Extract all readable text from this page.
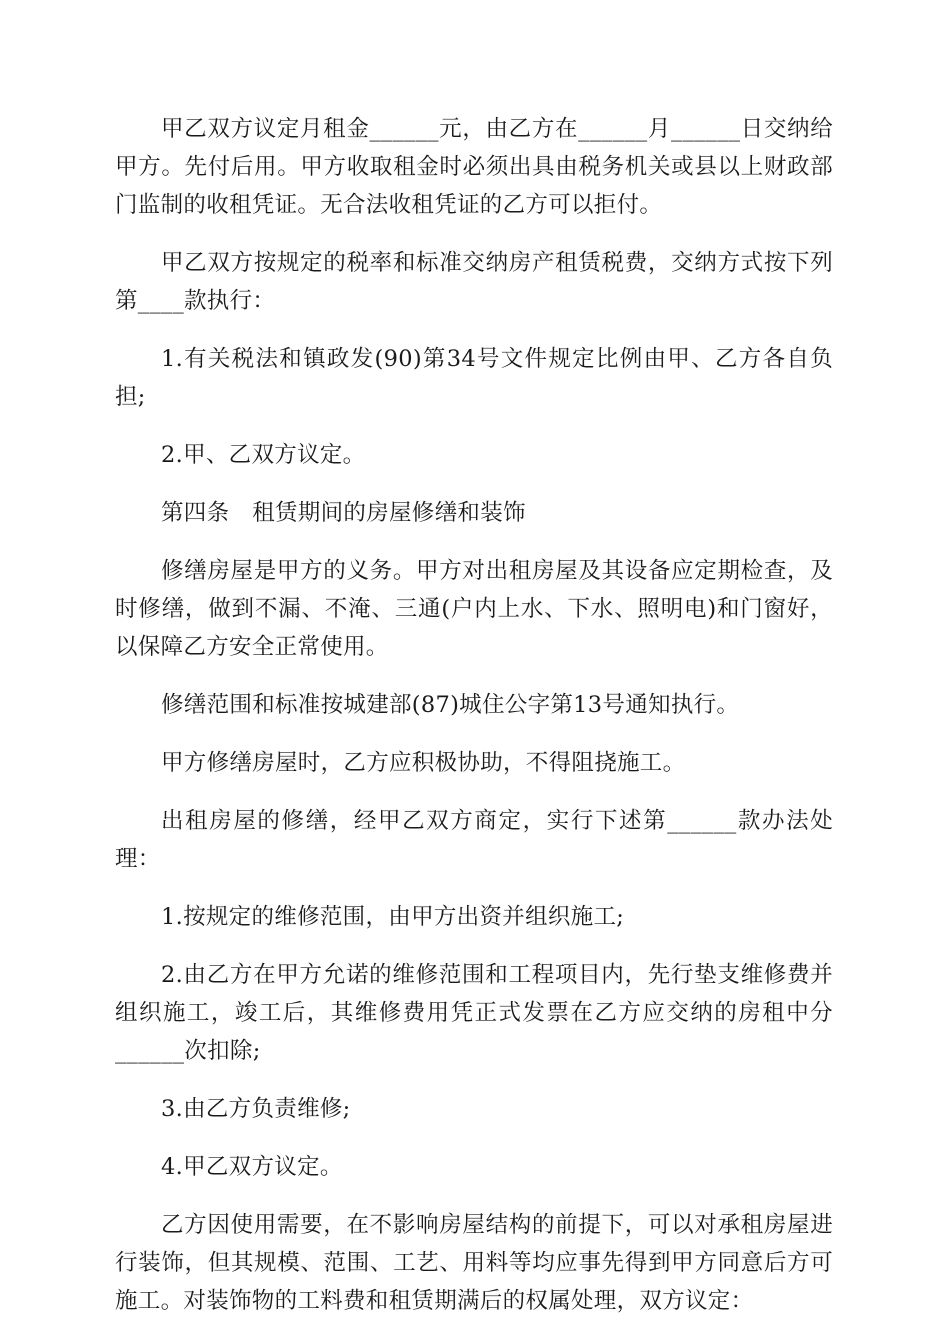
甲乙双方议定月租金______元，由乙方在______月______日交纳给甲方。先付后用。甲方收取租金时必须出具由税务机关或县以上财政部门监制的收租凭证。无合法收租凭证的乙方可以拒付。

甲乙双方按规定的税率和标准交纳房产租赁税费，交纳方式按下列第____款执行：

1.有关税法和镇政发(90)第34号文件规定比例由甲、乙方各自负担;

2.甲、乙双方议定。

第四条　租赁期间的房屋修缮和装饰

修缮房屋是甲方的义务。甲方对出租房屋及其设备应定期检查，及时修缮，做到不漏、不淹、三通(户内上水、下水、照明电)和门窗好，以保障乙方安全正常使用。

修缮范围和标准按城建部(87)城住公字第13号通知执行。

甲方修缮房屋时，乙方应积极协助，不得阻挠施工。

出租房屋的修缮，经甲乙双方商定，实行下述第______款办法处理：

1.按规定的维修范围，由甲方出资并组织施工;

2.由乙方在甲方允诺的维修范围和工程项目内，先行垫支维修费并组织施工，竣工后，其维修费用凭正式发票在乙方应交纳的房租中分______次扣除;

3.由乙方负责维修;

4.甲乙双方议定。

乙方因使用需要，在不影响房屋结构的前提下，可以对承租房屋进行装饰，但其规模、范围、工艺、用料等均应事先得到甲方同意后方可施工。对装饰物的工料费和租赁期满后的权属处理，双方议定：
